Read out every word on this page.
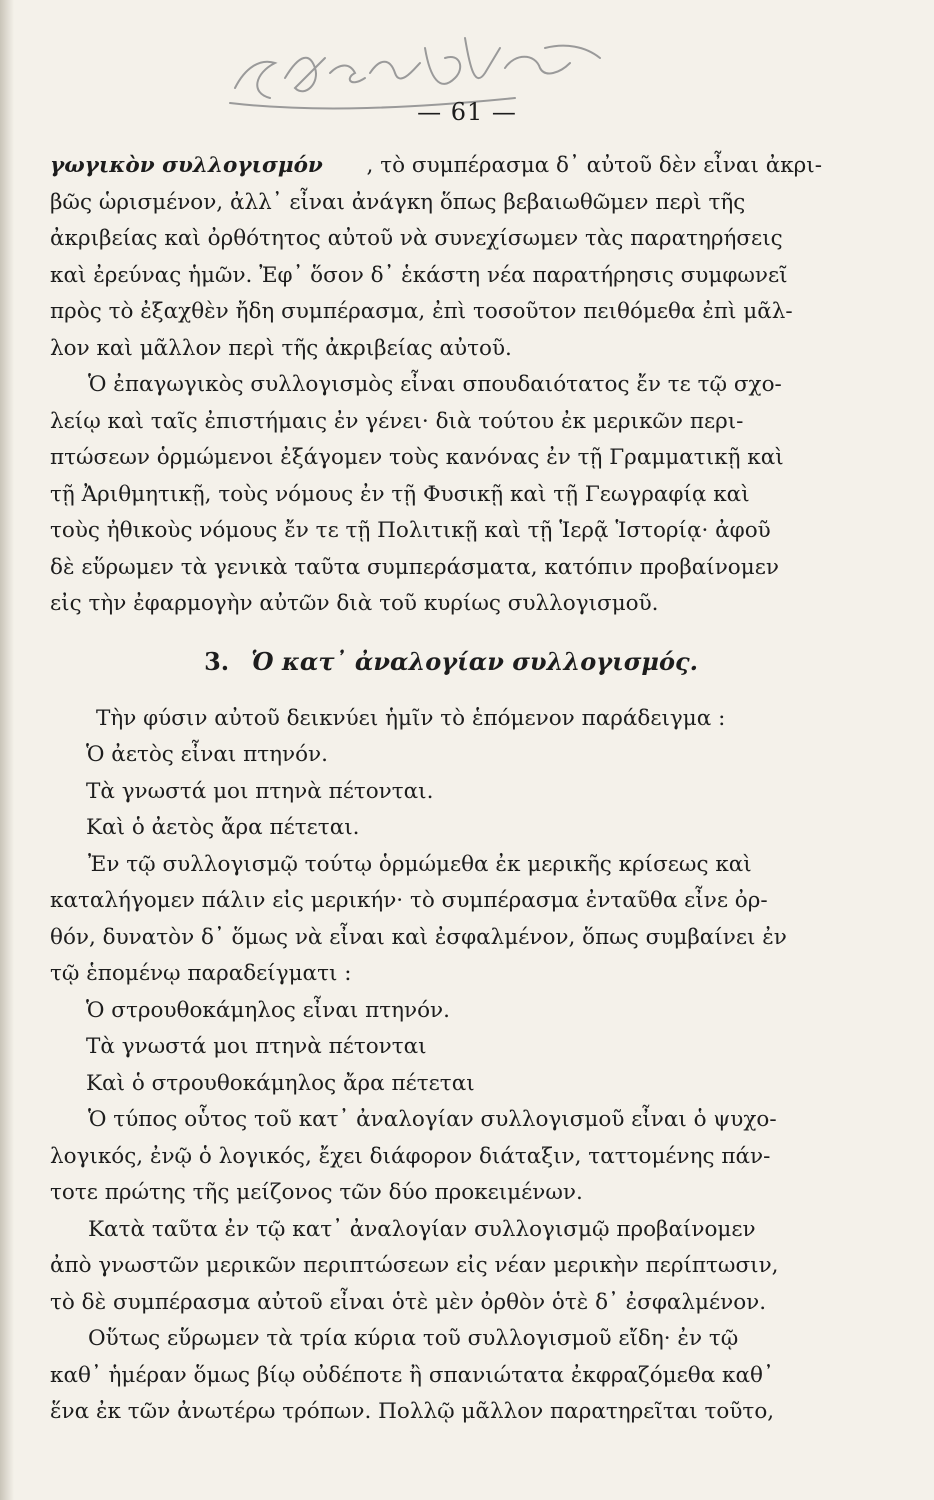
— 61 —
γωγικὸν συλλογισμόν , τὸ συμπέρασμα δ᾽ αὐτοῦ δὲν εἶναι ἀκρι-
βῶς ὡρισμένον, ἀλλ᾽ εἶναι ἀνάγκη ὅπως βεβαιωθῶμεν περὶ τῆς
ἀκριβείας καὶ ὀρθότητος αὐτοῦ νὰ συνεχίσωμεν τὰς παρατηρήσεις
καὶ ἐρεύνας ἡμῶν. Ἐφ᾽ ὅσον δ᾽ ἑκάστη νέα παρατήρησις συμφωνεῖ
πρὸς τὸ ἐξαχθὲν ἤδη συμπέρασμα, ἐπὶ τοσοῦτον πειθόμεθα ἐπὶ μᾶλ-
λον καὶ μᾶλλον περὶ τῆς ἀκριβείας αὐτοῦ.
Ὁ ἐπαγωγικὸς συλλογισμὸς εἶναι σπουδαιότατος ἔν τε τῷ σχο-
λείῳ καὶ ταῖς ἐπιστήμαις ἐν γένει· διὰ τούτου ἐκ μερικῶν περι-
πτώσεων ὁρμώμενοι ἐξάγομεν τοὺς κανόνας ἐν τῇ Γραμματικῇ καὶ
τῇ Ἀριθμητικῇ, τοὺς νόμους ἐν τῇ Φυσικῇ καὶ τῇ Γεωγραφίᾳ καὶ
τοὺς ἠθικοὺς νόμους ἔν τε τῇ Πολιτικῇ καὶ τῇ Ἱερᾷ Ἱστορίᾳ· ἀφοῦ
δὲ εὕρωμεν τὰ γενικὰ ταῦτα συμπεράσματα, κατόπιν προβαίνομεν
εἰς τὴν ἐφαρμογὴν αὐτῶν διὰ τοῦ κυρίως συλλογισμοῦ.
3. Ὁ κατ᾽ ἀναλογίαν συλλογισμός.
Τὴν φύσιν αὐτοῦ δεικνύει ἡμῖν τὸ ἑπόμενον παράδειγμα :
Ὁ ἀετὸς εἶναι πτηνόν.
Τὰ γνωστά μοι πτηνὰ πέτονται.
Καὶ ὁ ἀετὸς ἄρα πέτεται.
Ἐν τῷ συλλογισμῷ τούτῳ ὁρμώμεθα ἐκ μερικῆς κρίσεως καὶ
καταλήγομεν πάλιν εἰς μερικήν· τὸ συμπέρασμα ἐνταῦθα εἶνε ὀρ-
θόν, δυνατὸν δ᾽ ὅμως νὰ εἶναι καὶ ἐσφαλμένον, ὅπως συμβαίνει ἐν
τῷ ἑπομένῳ παραδείγματι :
Ὁ στρουθοκάμηλος εἶναι πτηνόν.
Τὰ γνωστά μοι πτηνὰ πέτονται
Καὶ ὁ στρουθοκάμηλος ἄρα πέτεται
Ὁ τύπος οὗτος τοῦ κατ᾽ ἀναλογίαν συλλογισμοῦ εἶναι ὁ ψυχο-
λογικός, ἐνῷ ὁ λογικός, ἔχει διάφορον διάταξιν, ταττομένης πάν-
τοτε πρώτης τῆς μείζονος τῶν δύο προκειμένων.
Κατὰ ταῦτα ἐν τῷ κατ᾽ ἀναλογίαν συλλογισμῷ προβαίνομεν
ἀπὸ γνωστῶν μερικῶν περιπτώσεων εἰς νέαν μερικὴν περίπτωσιν,
τὸ δὲ συμπέρασμα αὐτοῦ εἶναι ὁτὲ μὲν ὀρθὸν ὁτὲ δ᾽ ἐσφαλμένον.
Οὕτως εὕρωμεν τὰ τρία κύρια τοῦ συλλογισμοῦ εἴδη· ἐν τῷ
καθ᾽ ἡμέραν ὅμως βίῳ οὐδέποτε ἢ σπανιώτατα ἐκφραζόμεθα καθ᾽
ἕνα ἐκ τῶν ἀνωτέρω τρόπων. Πολλῷ μᾶλλον παρατηρεῖται τοῦτο,
